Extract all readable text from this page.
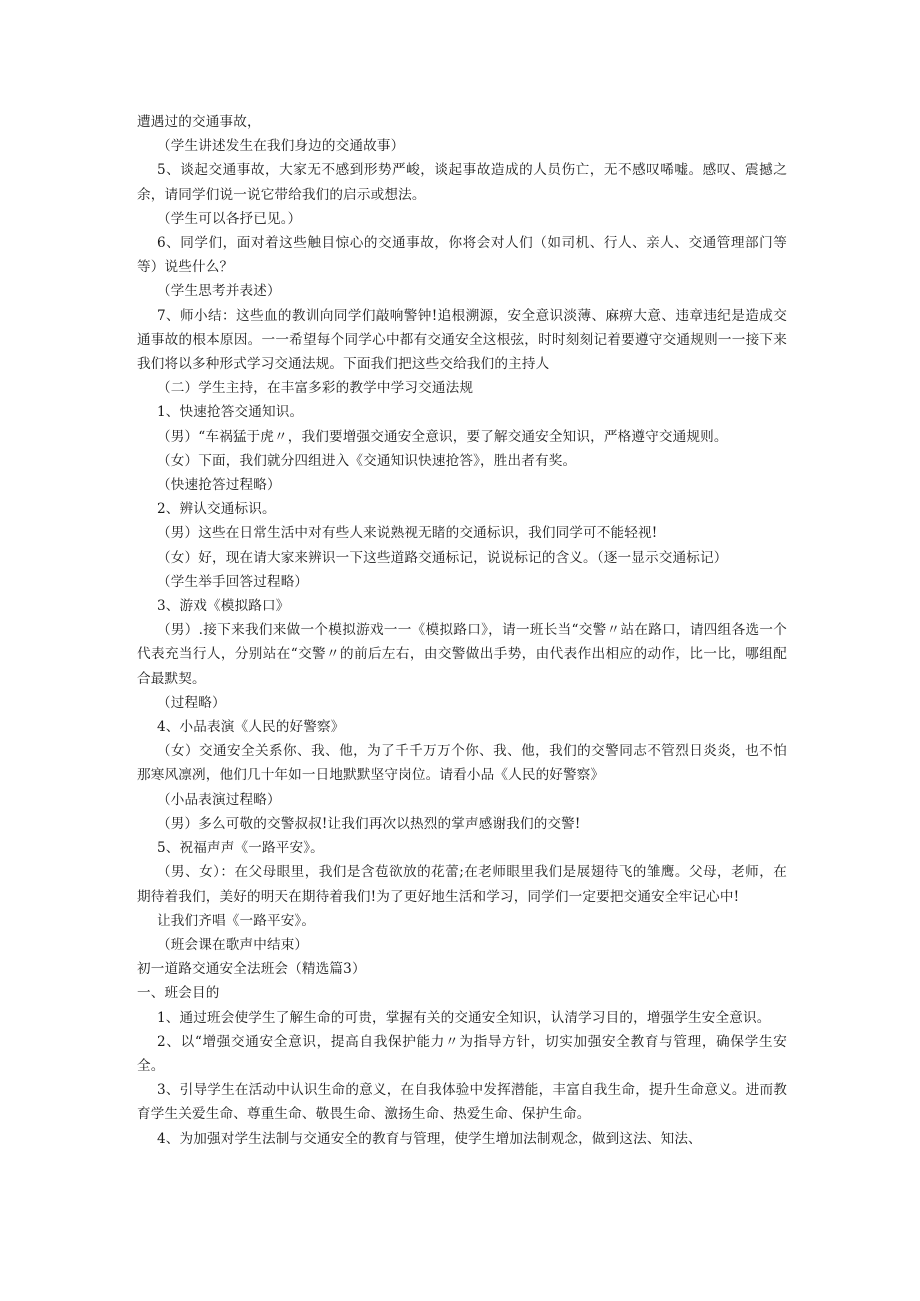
遭遇过的交通事故，

（学生讲述发生在我们身边的交通故事）

5、谈起交通事故，大家无不感到形势严峻，谈起事故造成的人员伤亡，无不感叹唏嘘。感叹、震撼之余，请同学们说一说它带给我们的启示或想法。

（学生可以各抒已见。）

6、同学们，面对着这些触目惊心的交通事故，你将会对人们（如司机、行人、亲人、交通管理部门等等）说些什么？

（学生思考并表述）

7、师小结：这些血的教训向同学们敲响警钟!追根溯源，安全意识淡薄、麻痹大意、违章违纪是造成交通事故的根本原因。一一希望每个同学心中都有交通安全这根弦，时时刻刻记着要遵守交通规则一一接下来我们将以多种形式学习交通法规。下面我们把这些交给我们的主持人

（二）学生主持，在丰富多彩的教学中学习交通法规

1、快速抢答交通知识。

（男）“车祸猛于虎〃，我们要增强交通安全意识，要了解交通安全知识，严格遵守交通规则。

（女）下面，我们就分四组进入《交通知识快速抢答》，胜出者有奖。

（快速抢答过程略）

2、辨认交通标识。

（男）这些在日常生活中对有些人来说熟视无睹的交通标识，我们同学可不能轻视!

（女）好，现在请大家来辨识一下这些道路交通标记，说说标记的含义。（逐一显示交通标记）

（学生举手回答过程略）

3、游戏《模拟路口》

（男）.接下来我们来做一个模拟游戏一一《模拟路口》，请一班长当“交警〃站在路口，请四组各选一个代表充当行人，分别站在“交警〃的前后左右，由交警做出手势，由代表作出相应的动作，比一比，哪组配合最默契。

（过程略）

4、小品表演《人民的好警察》

（女）交通安全关系你、我、他，为了千千万万个你、我、他，我们的交警同志不管烈日炎炎，也不怕那寒风凛冽，他们几十年如一日地默默坚守岗位。请看小品《人民的好警察》

（小品表演过程略）

（男）多么可敬的交警叔叔!让我们再次以热烈的掌声感谢我们的交警!

5、祝福声声《一路平安》。

（男、女）：在父母眼里，我们是含苞欲放的花蕾;在老师眼里我们是展翅待飞的雏鹰。父母，老师，在期待着我们，美好的明天在期待着我们!为了更好地生活和学习，同学们一定要把交通安全牢记心中!

让我们齐唱《一路平安》。

（班会课在歌声中结束）

初一道路交通安全法班会（精选篇3）

一、班会目的

1、通过班会使学生了解生命的可贵，掌握有关的交通安全知识，认清学习目的，增强学生安全意识。

2、以“增强交通安全意识，提高自我保护能力〃为指导方针，切实加强安全教育与管理，确保学生安全。

3、引导学生在活动中认识生命的意义，在自我体验中发挥潜能，丰富自我生命，提升生命意义。进而教育学生关爱生命、尊重生命、敬畏生命、激扬生命、热爱生命、保护生命。

4、为加强对学生法制与交通安全的教育与管理，使学生增加法制观念，做到这法、知法、
